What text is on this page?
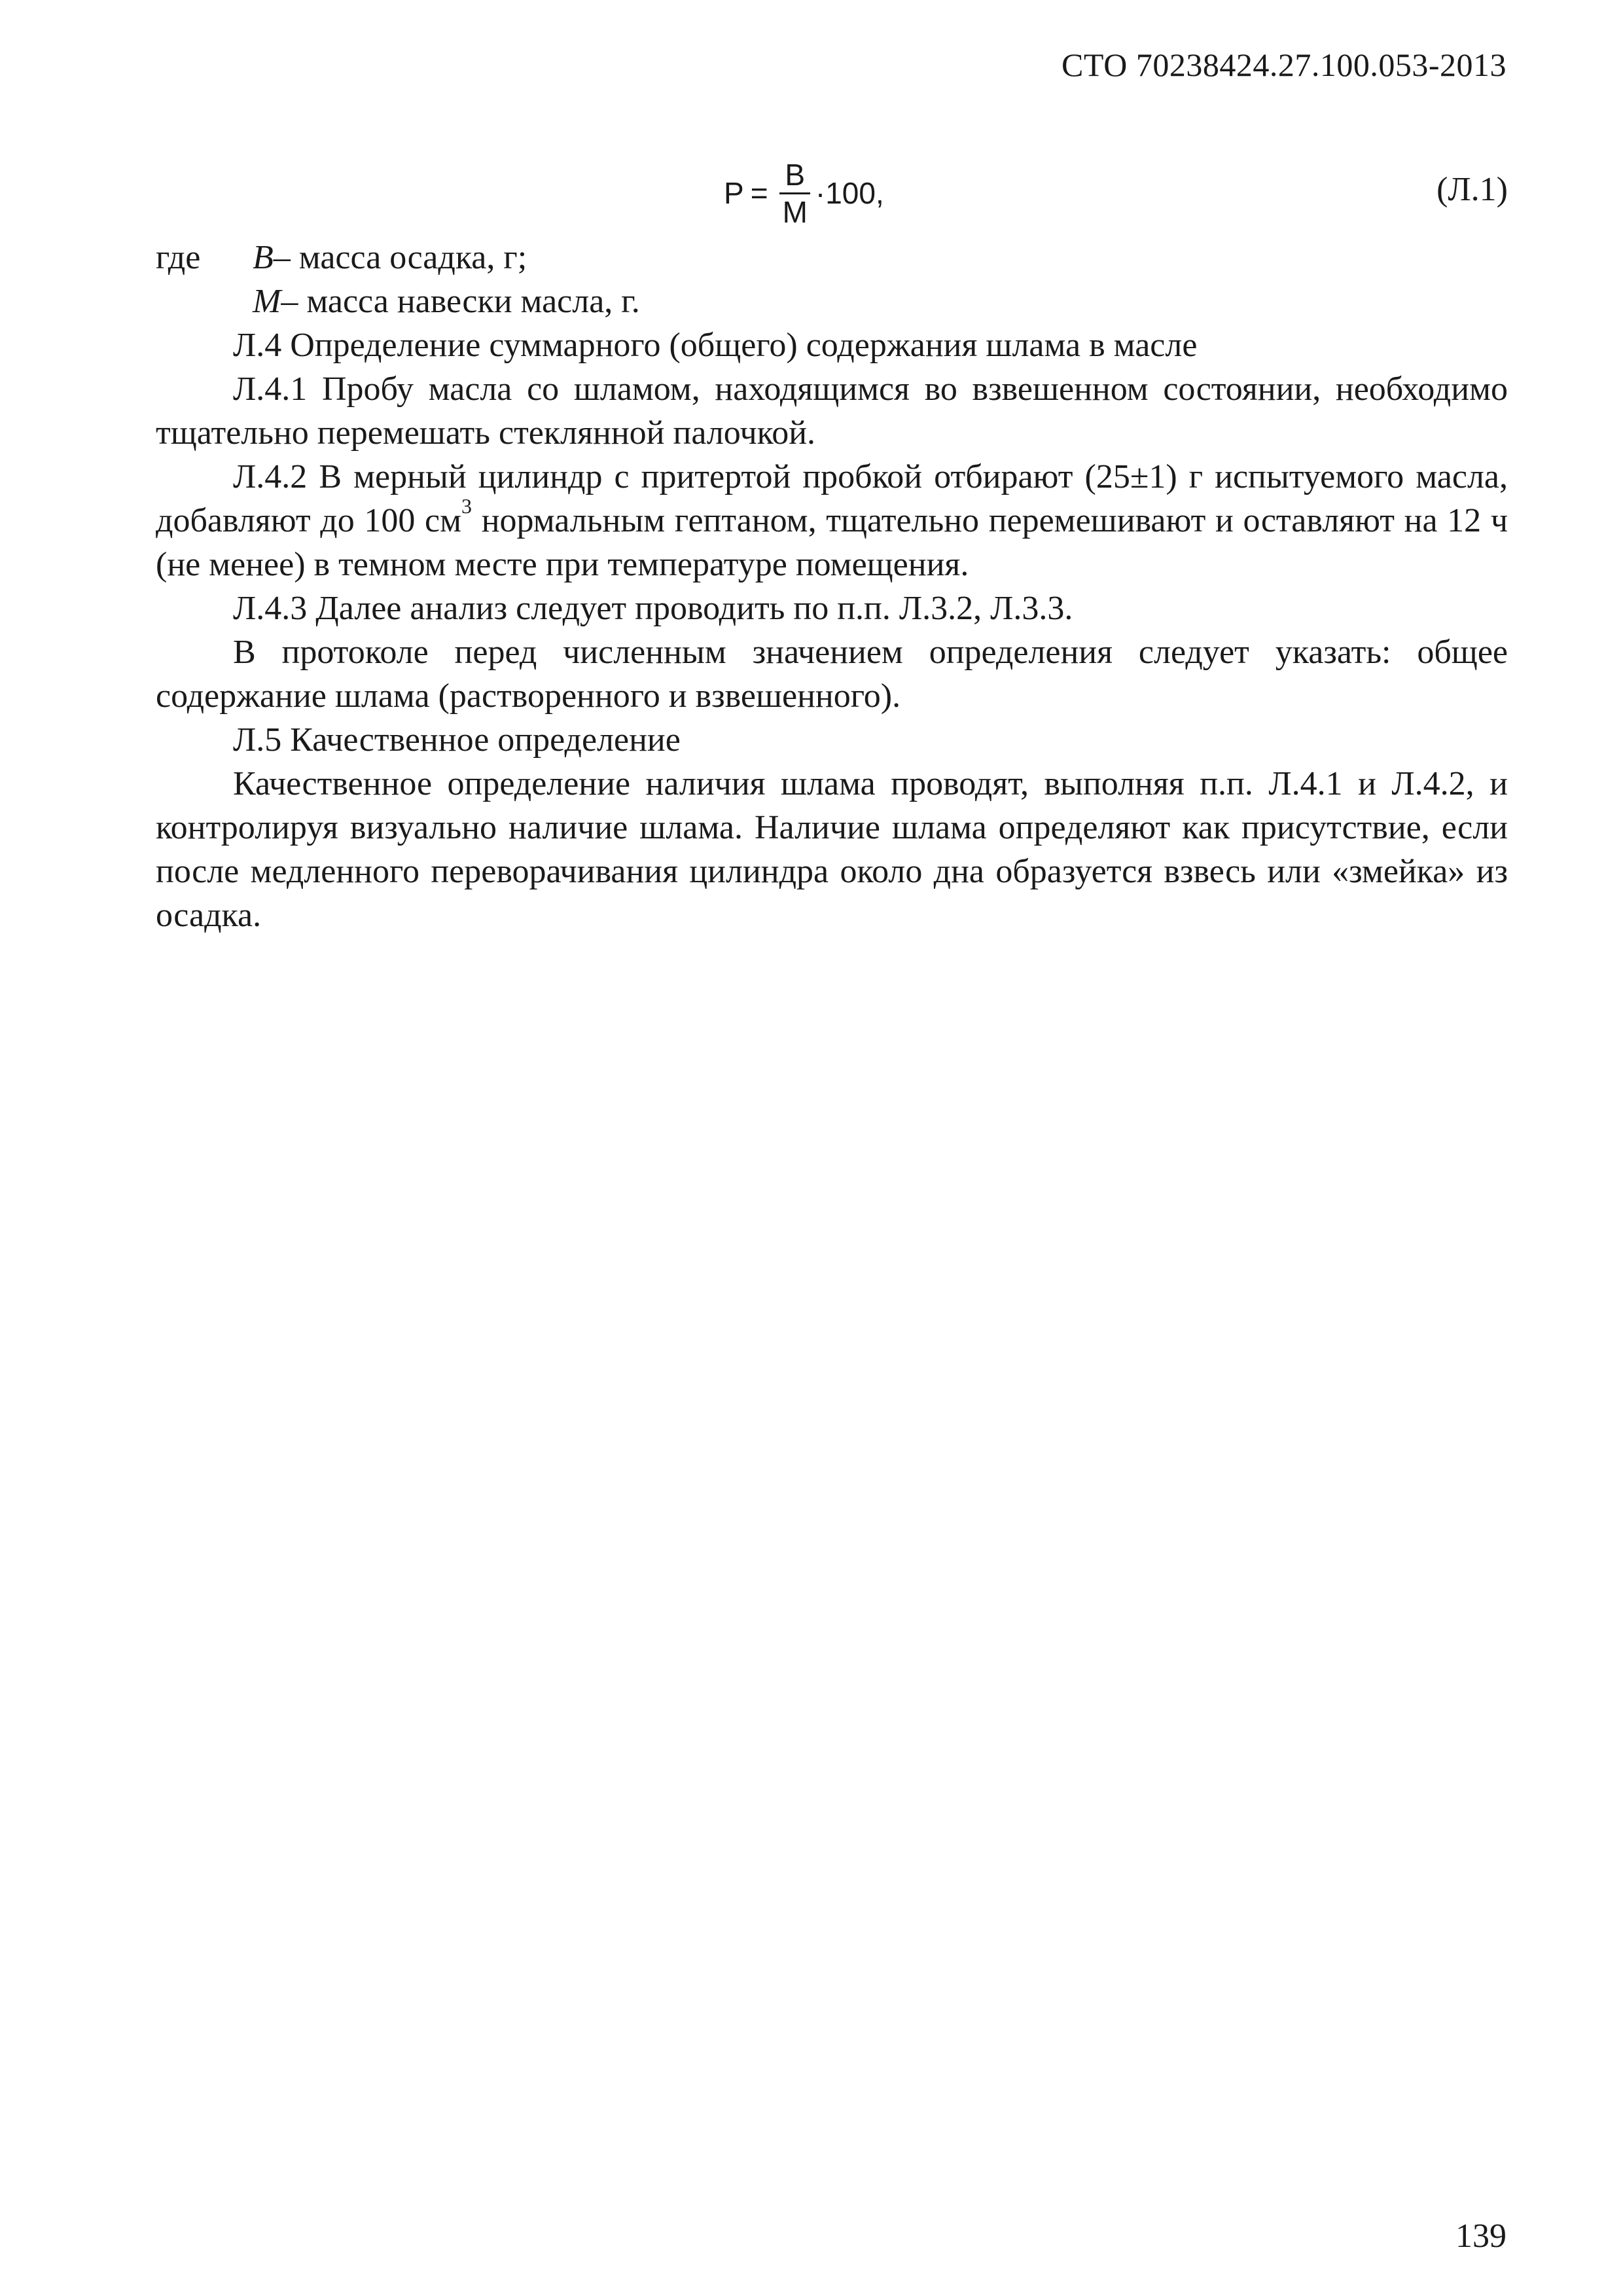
СТО 70238424.27.100.053-2013
$P = \frac{B}{M} \cdot 100$ ,	(Л.1)
где	B – масса осадка, г;
M – масса навески масла, г.

Л.4 Определение суммарного (общего) содержания шлама в масле

Л.4.1 Пробу масла со шламом, находящимся во взвешенном состоянии, необходимо тщательно перемешать стеклянной палочкой.

Л.4.2 В мерный цилиндр с притертой пробкой отбирают (25±1) г испытуемого масла, добавляют до 100 $см^3$ нормальным гептаном, тщательно перемешивают и оставляют на 12 ч (не менее) в темном месте при температуре помещения.

Л.4.3 Далее анализ следует проводить по п.п. Л.3.2, Л.3.3.

В протоколе перед численным значением определения следует указать: общее содержание шлама (растворенного и взвешенного).

Л.5 Качественное определение

Качественное определение наличия шлама проводят, выполняя п.п. Л.4.1 и Л.4.2, и контролируя визуально наличие шлама. Наличие шлама определяют как присутствие, если после медленного переворачивания цилиндра около дна образуется взвесь или «змейка» из осадка.

139
